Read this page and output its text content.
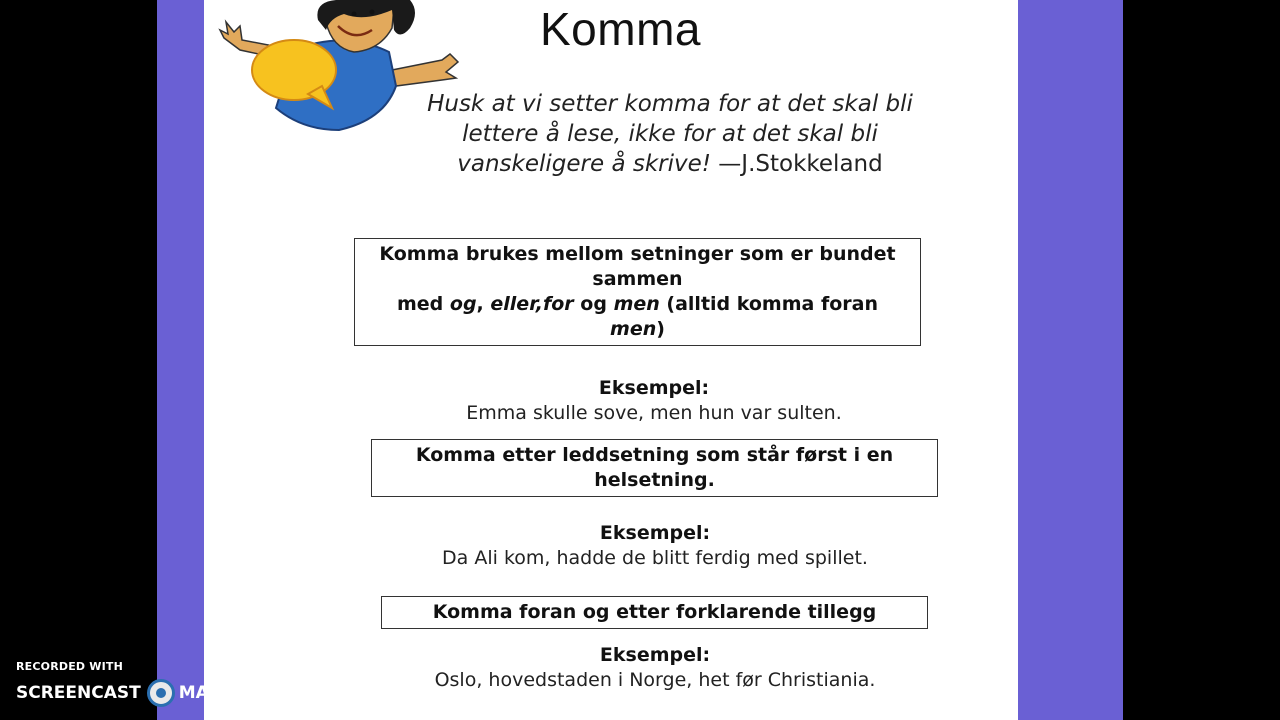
Komma
Husk at vi setter komma for at det skal bli lettere å lese, ikke for at det skal bli vanskeligere å skrive! —J.Stokkeland
Komma brukes mellom setninger som er bundet sammen
med og, eller,for og men (alltid komma foran men)
Eksempel:
Emma skulle sove, men hun var sulten.
Komma etter leddsetning som står først i en helsetning.
Eksempel:
Da Ali kom, hadde de blitt ferdig med spillet.
Komma foran og etter forklarende tillegg
Eksempel:
Oslo, hovedstaden i Norge, het før Christiania.
RECORDED WITH
SCREENCAST MATIC
